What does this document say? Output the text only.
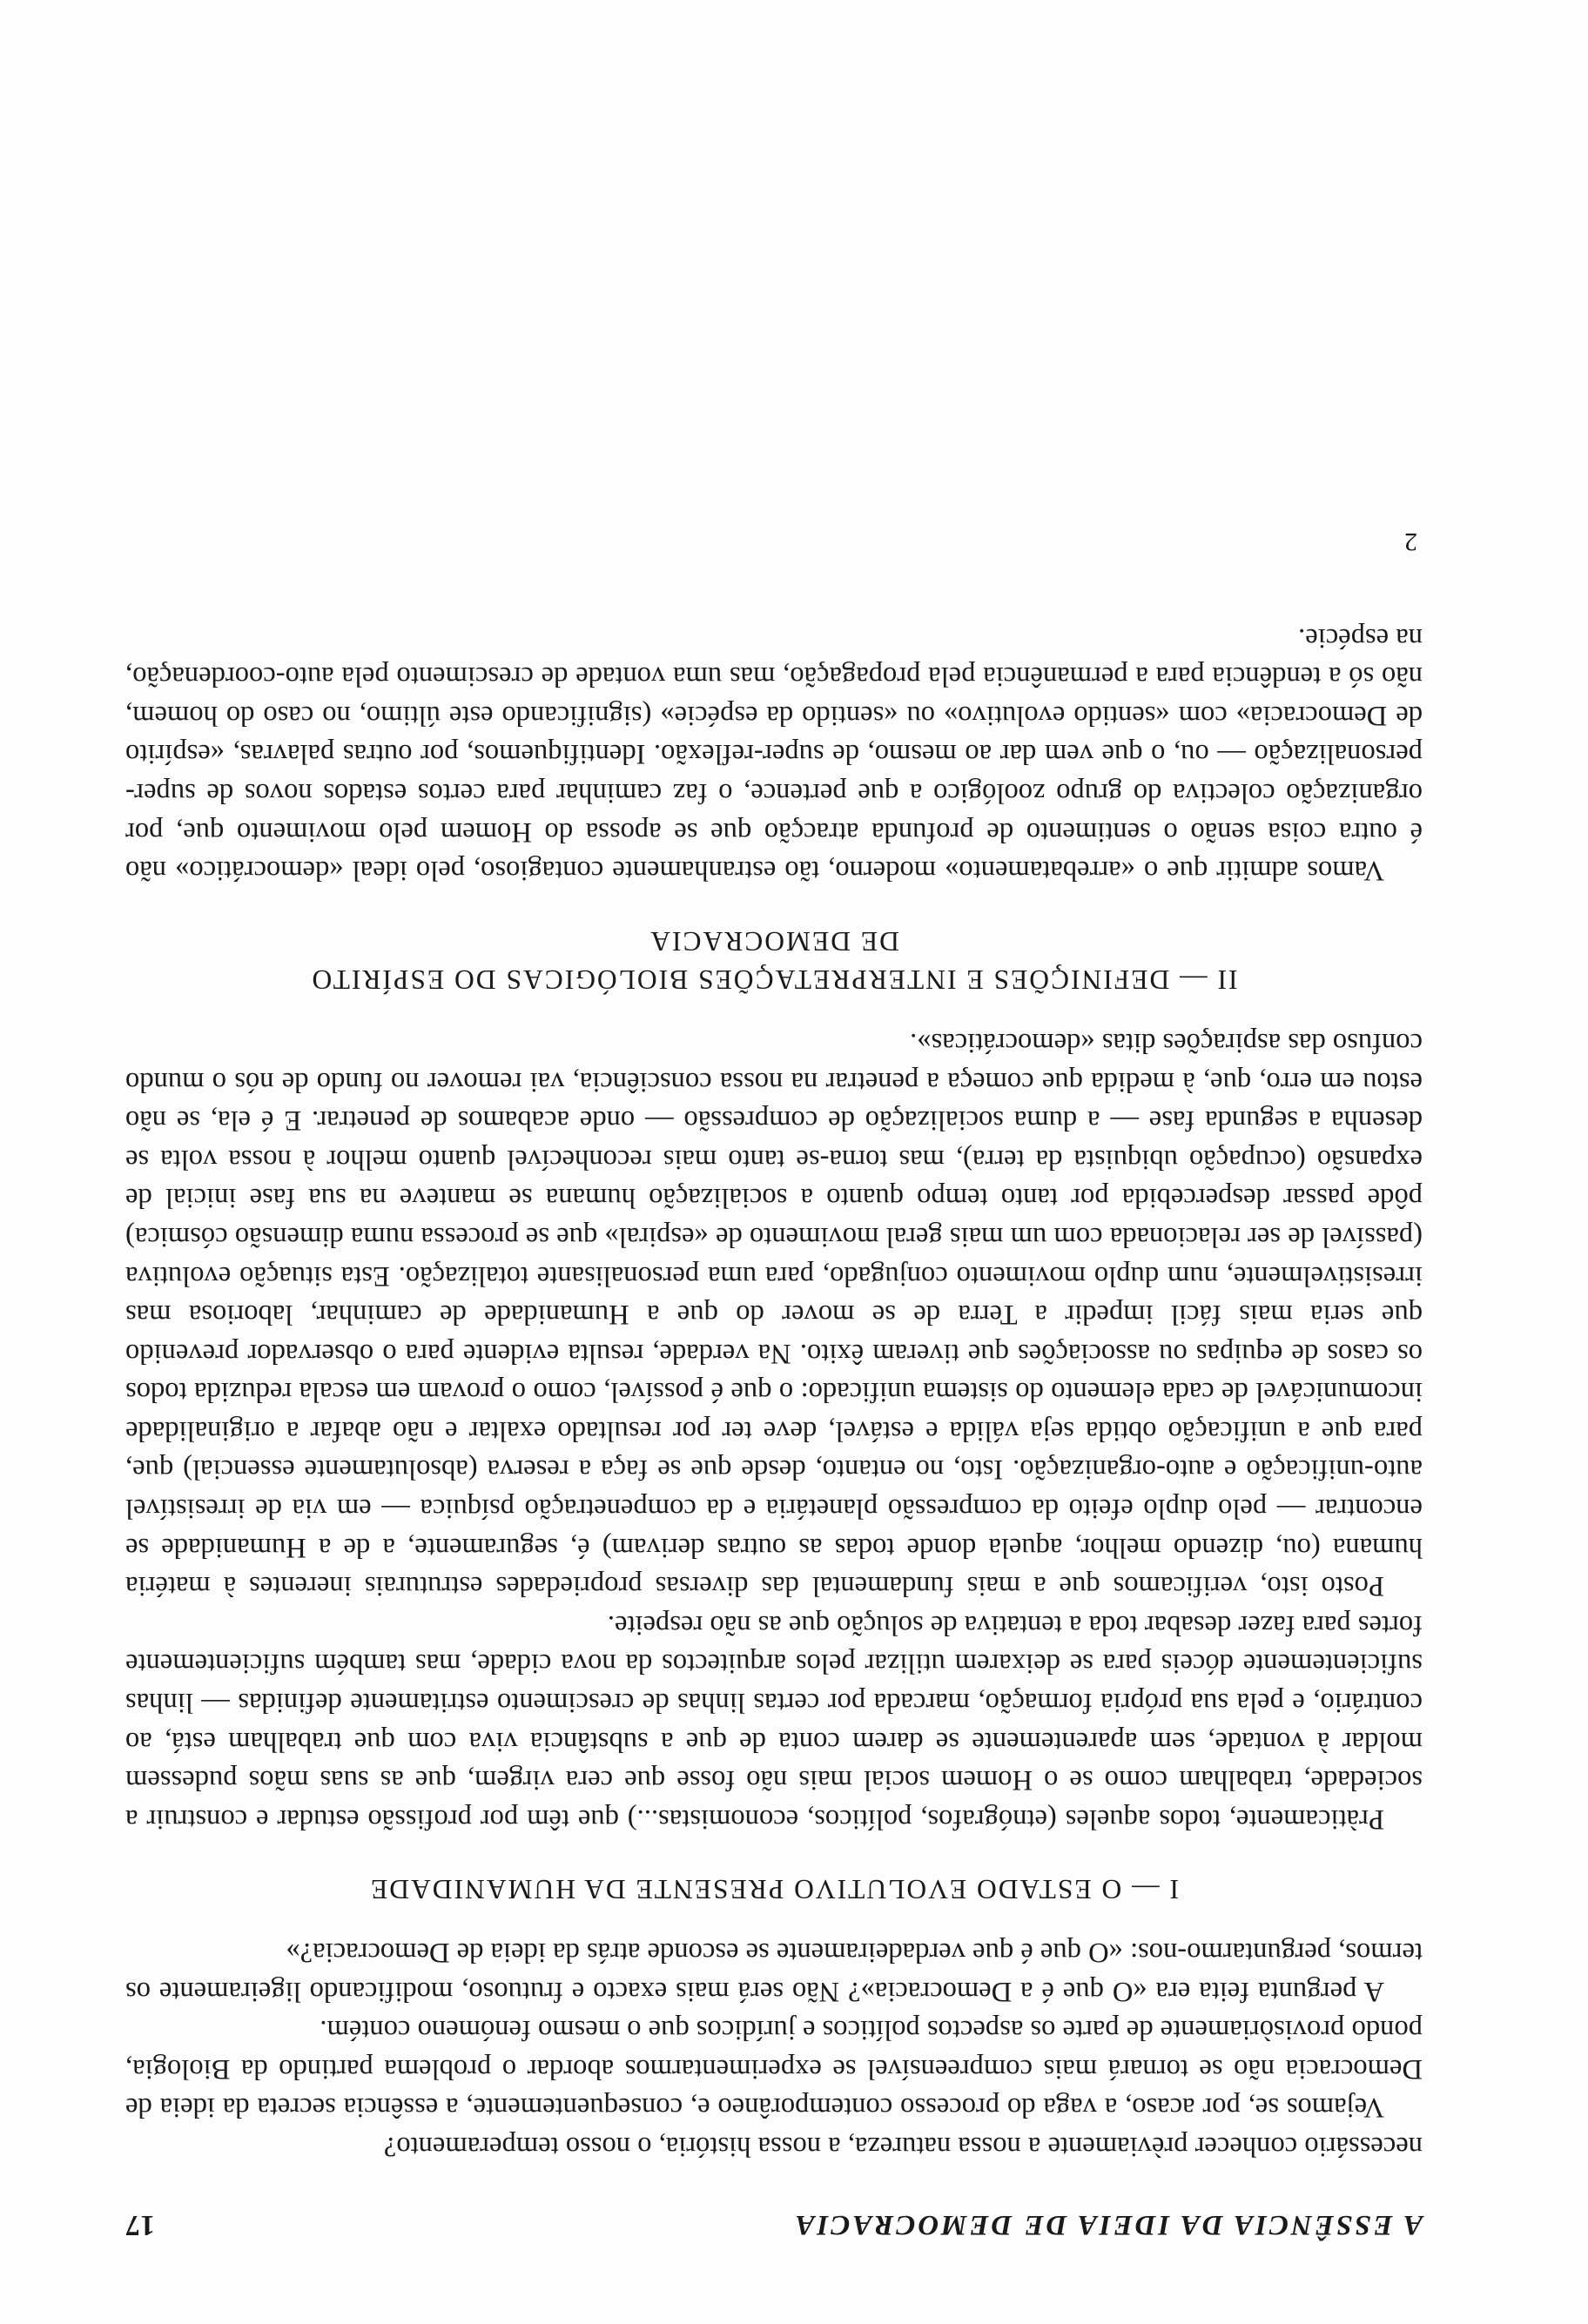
A ESSÊNCIA DA IDEIA DE DEMOCRACIA
17

necessário conhecer prèviamente a nossa natureza, a nossa história, o nosso temperamento?

Vejamos se, por acaso, a vaga do processo contemporâneo e, consequentemente, a essência secreta da ideia de Democracia não se tornará mais compreensível se experimentarmos abordar o problema partindo da Biologia, pondo provisòriamente de parte os aspectos políticos e jurídicos que o mesmo fenómeno contém.

A pergunta feita era «O que é a Democracia»? Não será mais exacto e frutuoso, modificando ligeiramente os termos, perguntarmo-nos: «O que é que verdadeiramente se esconde atrás da ideia de Democracia?»

I — O ESTADO EVOLUTIVO PRESENTE DA HUMANIDADE

Pràticamente, todos aqueles (etnógrafos, políticos, economistas...) que têm por profissão estudar e construir a sociedade, trabalham como se o Homem social mais não fosse que cera virgem, que as suas mãos pudessem moldar à vontade, sem aparentemente se darem conta de que a substância viva com que trabalham está, ao contrário, e pela sua própria formação, marcada por certas linhas de crescimento estritamente definidas — linhas suficientemente dóceis para se deixarem utilizar pelos arquitectos da nova cidade, mas também suficientemente fortes para fazer desabar toda a tentativa de solução que as não respeite.

Posto isto, verificamos que a mais fundamental das diversas propriedades estruturais inerentes à matéria humana (ou, dizendo melhor, aquela donde todas as outras derivam) é, seguramente, a de a Humanidade se encontrar — pelo duplo efeito da compressão planetária e da compenetração psíquica — em via de irresistível auto-unificação e auto-organização. Isto, no entanto, desde que se faça a reserva (absolutamente essencial) que, para que a unificação obtida seja válida e estável, deve ter por resultado exaltar e não abafar a originalidade incomunicável de cada elemento do sistema unificado: o que é possível, como o provam em escala reduzida todos os casos de equipas ou associações que tiveram êxito. Na verdade, resulta evidente para o observador prevenido que seria mais fácil impedir a Terra de se mover do que a Humanidade de caminhar, laboriosa mas irresistivelmente, num duplo movimento conjugado, para uma personalisante totalização. Esta situação evolutiva (passível de ser relacionada com um mais geral movimento de «espiral» que se processa numa dimensão cósmica) pôde passar despercebida por tanto tempo quanto a socialização humana se manteve na sua fase inicial de expansão (ocupação ubiquista da terra), mas torna-se tanto mais reconhecível quanto melhor à nossa volta se desenha a segunda fase — a duma socialização de compressão — onde acabamos de penetrar. E é ela, se não estou em erro, que, à medida que começa a penetrar na nossa consciência, vai remover no fundo de nós o mundo confuso das aspirações ditas «democráticas».

II — DEFINIÇÕES E INTERPRETAÇÕES BIOLÓGICAS DO ESPÍRITO
DE DEMOCRACIA

Vamos admitir que o «arrebatamento» moderno, tão estranhamente contagioso, pelo ideal «democrático» não é outra coisa senão o sentimento de profunda atracção que se apossa do Homem pelo movimento que, por organização colectiva do grupo zoológico a que pertence, o faz caminhar para certos estados novos de super-personalização — ou, o que vem dar ao mesmo, de super-reflexão. Identifiquemos, por outras palavras, «espírito de Democracia» com «sentido evolutivo» ou «sentido da espécie» (significando este último, no caso do homem, não só a tendência para a permanência pela propagação, mas uma vontade de crescimento pela auto-coordenação, na espécie.

2
